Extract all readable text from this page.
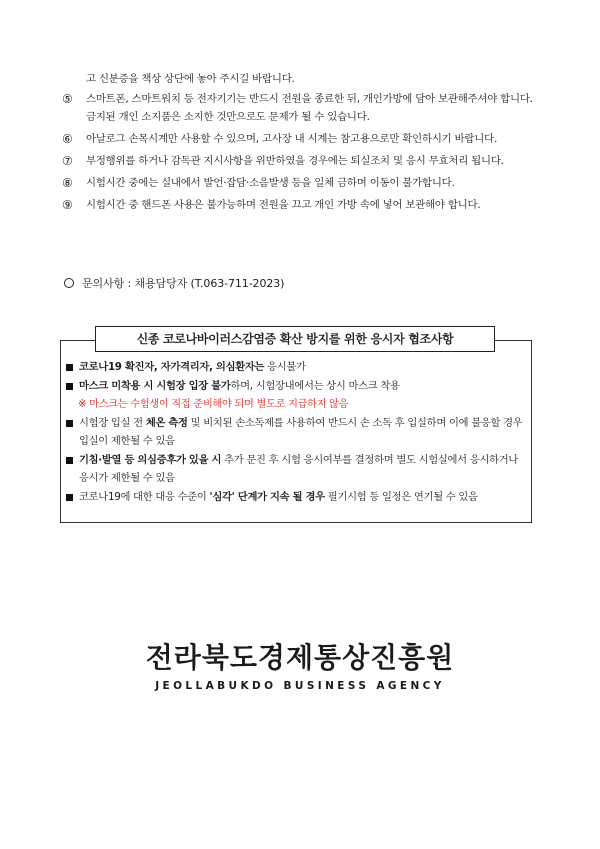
고 신분증을 책상 상단에 놓아 주시길 바랍니다.
⑤	스마트폰, 스마트워치 등 전자기기는 반드시 전원을 종료한 뒤, 개인가방에 담아 보관해주셔야 합니다. 금지된 개인 소지품은 소지한 것만으로도 문제가 될 수 있습니다.
⑥	아날로그 손목시계만 사용할 수 있으며, 고사장 내 시계는 참고용으로만 확인하시기 바랍니다.
⑦	부정행위를 하거나 감독관 지시사항을 위반하였을 경우에는 퇴실조치 및 응시 무효처리 됩니다.
⑧	시험시간 중에는 실내에서 발언·잡담·소음발생 등을 일체 금하며 이동이 불가합니다.
⑨	시험시간 중 핸드폰 사용은 불가능하며 전원을 끄고 개인 가방 속에 넣어 보관해야 합니다.
문의사항 : 채용담당자 (T.063-711-2023)
신종 코로나바이러스감염증 확산 방지를 위한 응시자 협조사항
코로나19 확진자, 자가격리자, 의심환자는 응시불가
마스크 미착용 시 시험장 입장 불가하며, 시험장내에서는 상시 마스크 착용
※ 마스크는 수험생이 직접 준비해야 되며 별도로 지급하지 않음
시험장 입실 전 체온 측정 및 비치된 손소독제를 사용하여 반드시 손 소독 후 입실하며 이에 불응할 경우 입실이 제한될 수 있음
기침·발열 등 의심증후가 있을 시 추가 문진 후 시험 응시여부를 결정하며 별도 시험실에서 응시하거나 응시가 제한될 수 있음
코로나19에 대한 대응 수준이 '심각' 단계가 지속 될 경우 필기시험 등 일정은 연기될 수 있음
전라북도경제통상진흥원
JEOLLABUKDO BUSINESS AGENCY
